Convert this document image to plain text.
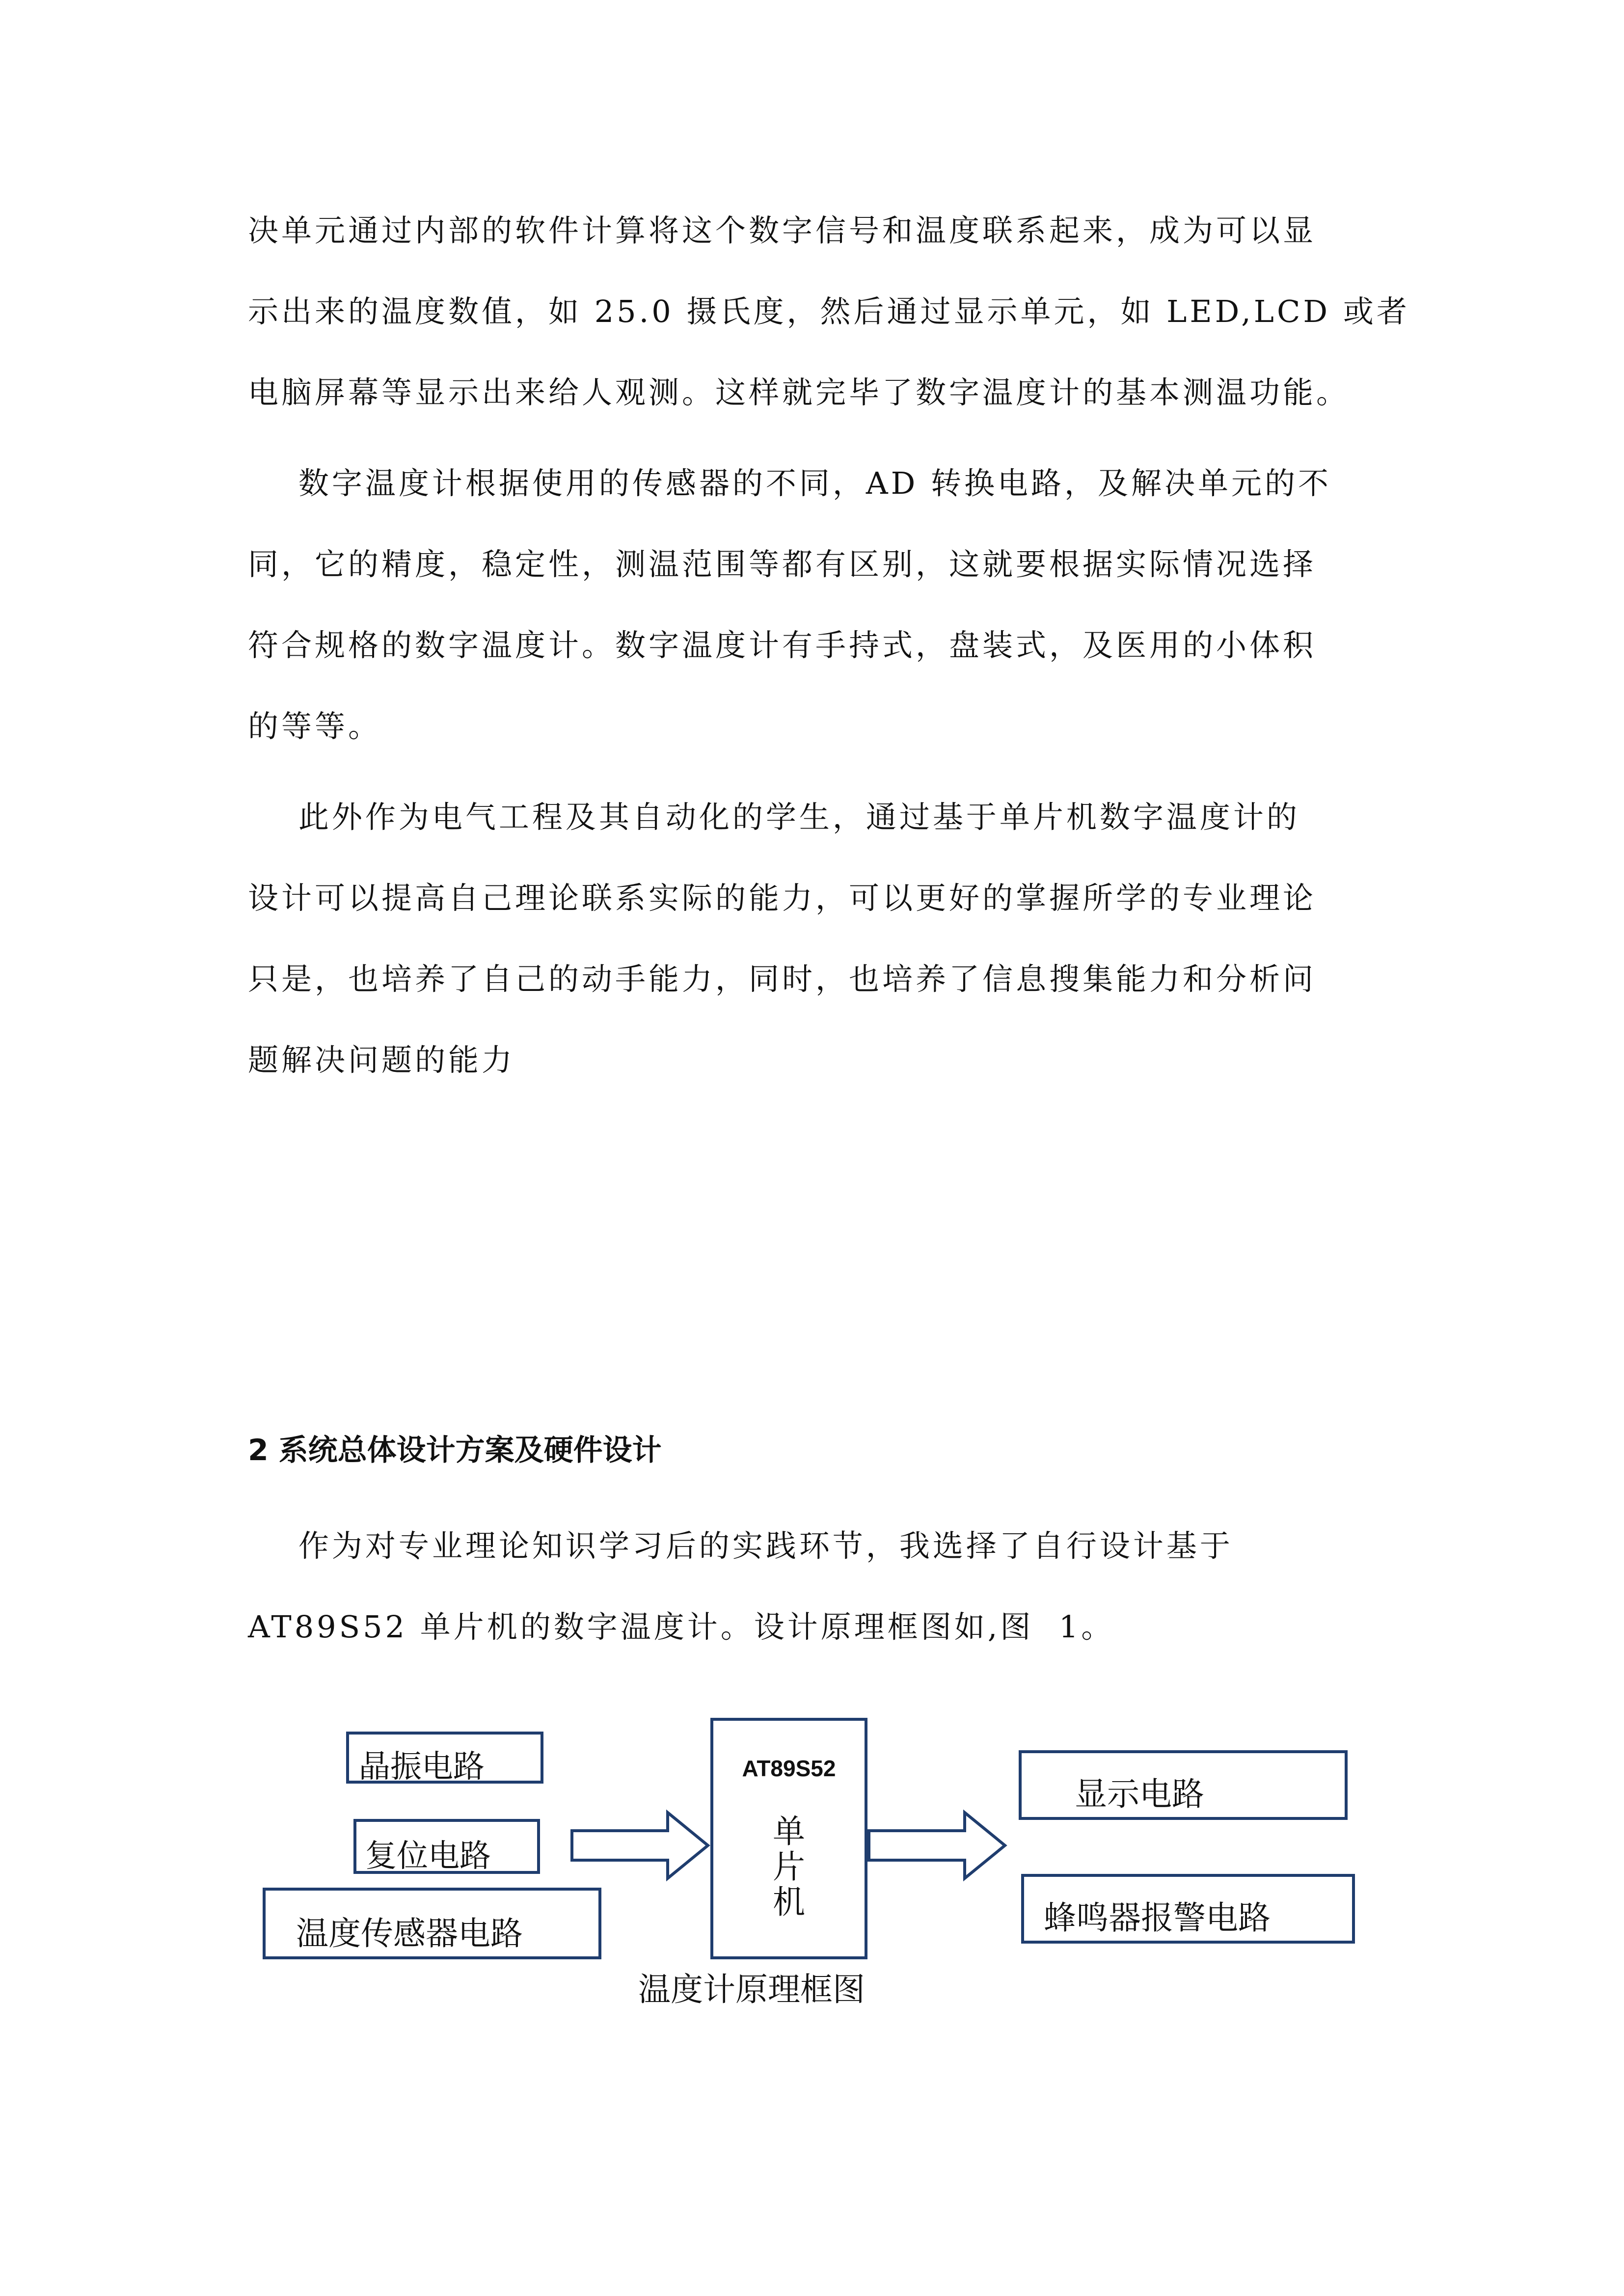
决单元通过内部的软件计算将这个数字信号和温度联系起来，成为可以显
示出来的温度数值，如 25.0 摄氏度，然后通过显示单元，如 LED,LCD 或者
电脑屏幕等显示出来给人观测。这样就完毕了数字温度计的基本测温功能。
数字温度计根据使用的传感器的不同，AD 转换电路，及解决单元的不
同，它的精度，稳定性，测温范围等都有区别，这就要根据实际情况选择
符合规格的数字温度计。数字温度计有手持式，盘装式，及医用的小体积
的等等。
此外作为电气工程及其自动化的学生，通过基于单片机数字温度计的
设计可以提高自己理论联系实际的能力，可以更好的掌握所学的专业理论
只是，也培养了自己的动手能力，同时，也培养了信息搜集能力和分析问
题解决问题的能力
2 系统总体设计方案及硬件设计
作为对专业理论知识学习后的实践环节，我选择了自行设计基于
AT89S52 单片机的数字温度计。设计原理框图如,图  1。
晶振电路
复位电路
温度传感器电路
AT89S52
单
片
机
显示电路
蜂鸣器报警电路
温度计原理框图
